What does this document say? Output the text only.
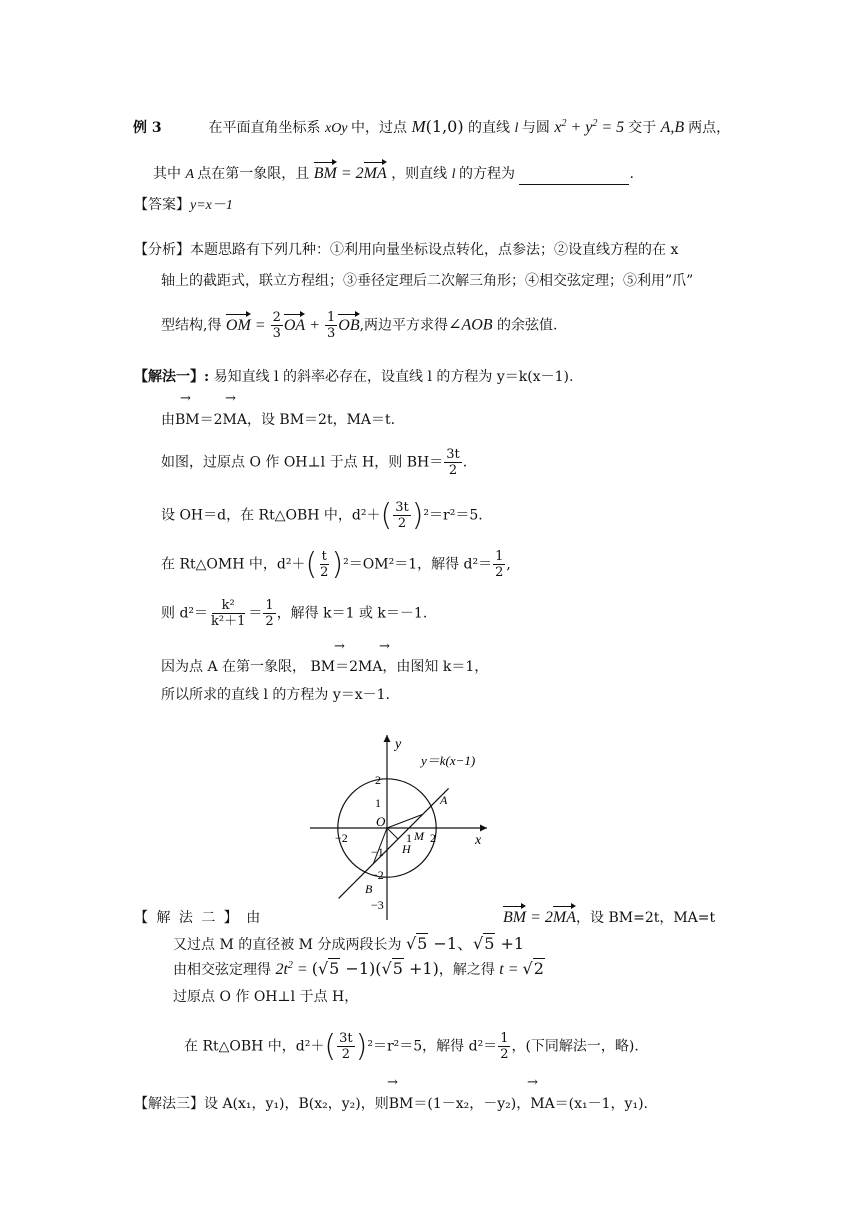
例 3	在平面直角坐标系 xOy 中，过点 M(1,0) 的直线 l 与圆 $x^2 + y^2 = 5$ 交于 A,B 两点，
其中 A 点在第一象限，且 BM = 2MA ，则直线 l 的方程为	.
【答案】y=x－1
【分析】本题思路有下列几种：①利用向量坐标设点转化，点参法；②设直线方程的在 x
轴上的截距式，联立方程组；③垂径定理后二次解三角形；④相交弦定理；⑤利用”爪”
型结构,得 OM = $\frac{2}{3}$ OA + $\frac{1}{3}$ OB,两边平方求得∠AOB 的余弦值.
【解法一】: 易知直线 l 的斜率必存在，设直线 l 的方程为 y＝k(x－1).
→	→
由BM＝2MA，设 BM＝2t，MA＝t.
如图，过原点 O 作 OH⊥l 于点 H，则 $BH= \frac{3t}{2}$ .
设 OH＝d，在 Rt△OBH 中，d²＋ ( $\frac{3t}{2}$ ) ²＝r²＝5.
在 Rt△OMH 中，d²＋ ( $\frac{t}{2}$ ) ²＝OM²＝1，解得 $d^2= \frac{1}{2}$ ,
则 $d^2= \frac{\text{k²}}{\text{k²＋1}} = \frac{1}{2}$ ，解得 k＝1 或 k＝－1.
→	→
因为点 A 在第一象限， BM＝2MA，由图知 k＝1，
所以所求的直线 l 的方程为 y＝x－1.
y
x
2
1
−2
−1
−2
−3
1 2
O
A
B
M
H
y＝k(x−1)
【 解 法 二 】 由	BM = 2MA，设 BM=2t，MA=t
又过点 M 的直径被 M 分成两段长为 √5 −1、√5 +1
由相交弦定理得 $2t^2 = (√5 -1)(√5 +1)$，解之得 t = √2
过原点 O 作 OH⊥l 于点 H，
在 Rt△OBH 中，d²＋ ( $\frac{3t}{2}$ ) ²＝r²＝5，解得 $d^2= \frac{1}{2}$ ，(下同解法一，略).
→	→
【解法三】设 A(x₁，y₁)，B(x₂，y₂)，则BM＝(1－x₂，－y₂)，MA＝(x₁－1，y₁).
